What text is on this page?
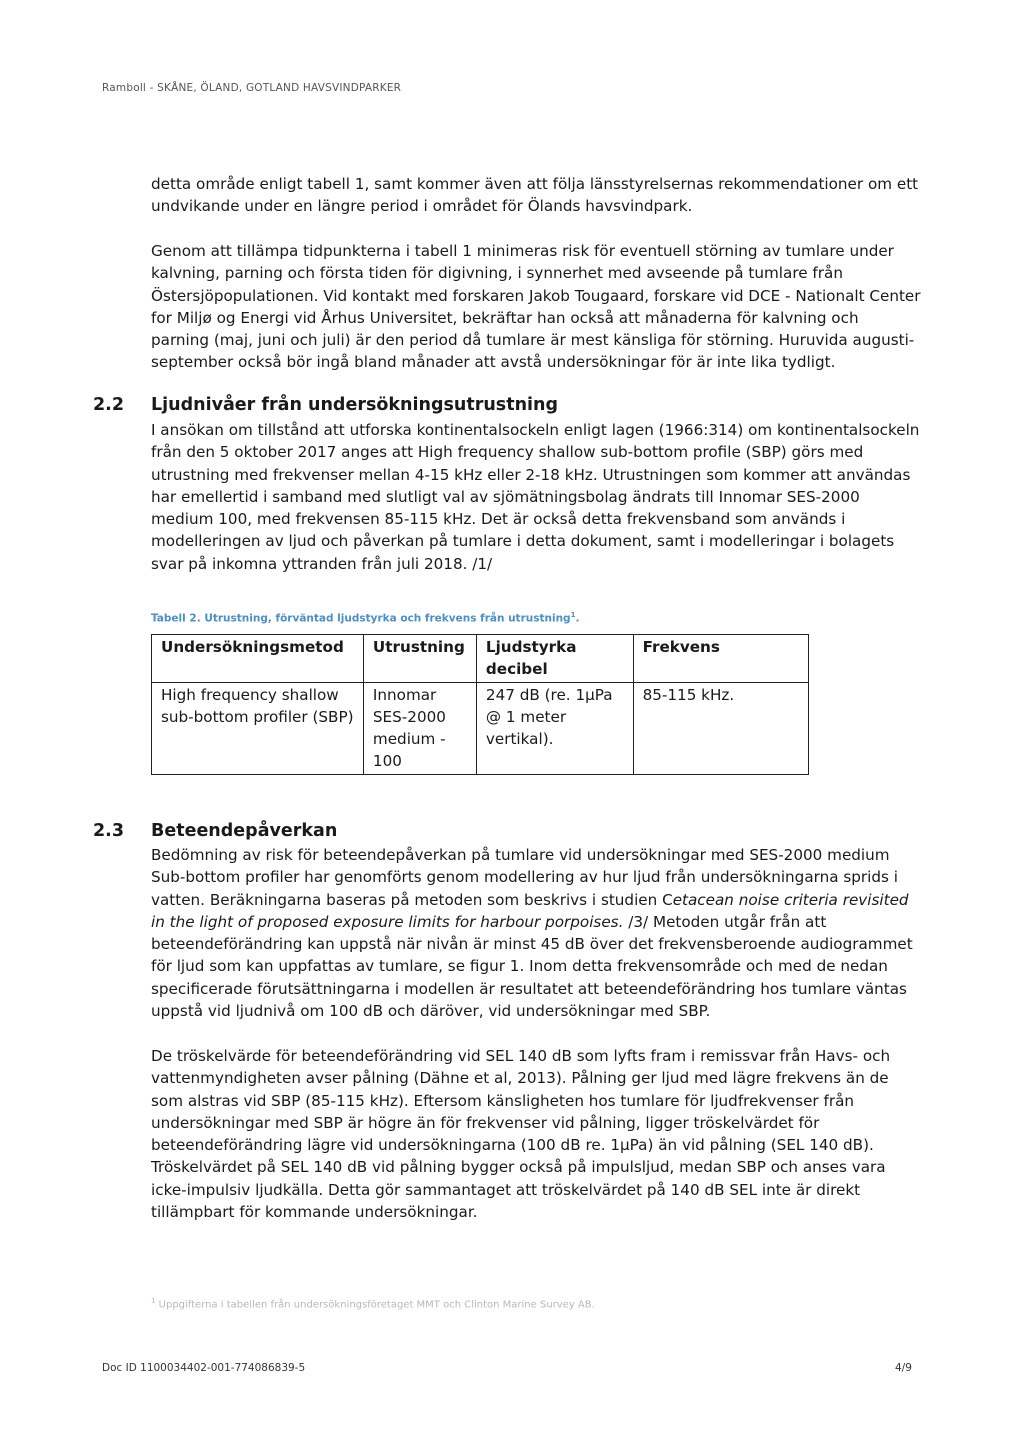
Ramboll - SKÅNE, ÖLAND, GOTLAND HAVSVINDPARKER

detta område enligt tabell 1, samt kommer även att följa länsstyrelsernas rekommendationer om ett undvikande under en längre period i området för Ölands havsvindpark.

Genom att tillämpa tidpunkterna i tabell 1 minimeras risk för eventuell störning av tumlare under kalvning, parning och första tiden för digivning, i synnerhet med avseende på tumlare från Östersjöpopulationen. Vid kontakt med forskaren Jakob Tougaard, forskare vid DCE - Nationalt Center for Miljø og Energi vid Århus Universitet, bekräftar han också att månaderna för kalvning och parning (maj, juni och juli) är den period då tumlare är mest känsliga för störning. Huruvida augusti-september också bör ingå bland månader att avstå undersökningar för är inte lika tydligt.

2.2 Ljudnivåer från undersökningsutrustning

I ansökan om tillstånd att utforska kontinentalsockeln enligt lagen (1966:314) om kontinentalsockeln från den 5 oktober 2017 anges att High frequency shallow sub-bottom profile (SBP) görs med utrustning med frekvenser mellan 4-15 kHz eller 2-18 kHz. Utrustningen som kommer att användas har emellertid i samband med slutligt val av sjömätningsbolag ändrats till Innomar SES-2000 medium 100, med frekvensen 85-115 kHz. Det är också detta frekvensband som används i modelleringen av ljud och påverkan på tumlare i detta dokument, samt i modelleringar i bolagets svar på inkomna yttranden från juli 2018. /1/

Tabell 2. Utrustning, förväntad ljudstyrka och frekvens från utrustning$^1$.
Undersökningsmetod	Utrustning	Ljudstyrka decibel	Frekvens
High frequency shallow sub-bottom profiler (SBP)	Innomar SES-2000 medium - 100	247 dB (re. 1µPa @ 1 meter vertikal).	85-115 kHz.
2.3 Beteendepåverkan

Bedömning av risk för beteendepåverkan på tumlare vid undersökningar med SES-2000 medium Sub-bottom profiler har genomförts genom modellering av hur ljud från undersökningarna sprids i vatten. Beräkningarna baseras på metoden som beskrivs i studien Cetacean noise criteria revisited in the light of proposed exposure limits for harbour porpoises. /3/ Metoden utgår från att beteendeförändring kan uppstå när nivån är minst 45 dB över det frekvensberoende audiogrammet för ljud som kan uppfattas av tumlare, se figur 1. Inom detta frekvensområde och med de nedan specificerade förutsättningarna i modellen är resultatet att beteendeförändring hos tumlare väntas uppstå vid ljudnivå om 100 dB och däröver, vid undersökningar med SBP.

De tröskelvärde för beteendeförändring vid SEL 140 dB som lyfts fram i remissvar från Havs- och vattenmyndigheten avser pålning (Dähne et al, 2013). Pålning ger ljud med lägre frekvens än de som alstras vid SBP (85-115 kHz). Eftersom känsligheten hos tumlare för ljudfrekvenser från undersökningar med SBP är högre än för frekvenser vid pålning, ligger tröskelvärdet för beteendeförändring lägre vid undersökningarna (100 dB re. 1µPa) än vid pålning (SEL 140 dB). Tröskelvärdet på SEL 140 dB vid pålning bygger också på impulsljud, medan SBP och anses vara icke-impulsiv ljudkälla. Detta gör sammantaget att tröskelvärdet på 140 dB SEL inte är direkt tillämpbart för kommande undersökningar.

$^1$ Uppgifterna i tabellen från undersökningsföretaget MMT och Clinton Marine Survey AB.
Doc ID 1100034402-001-774086839-5	4/9
